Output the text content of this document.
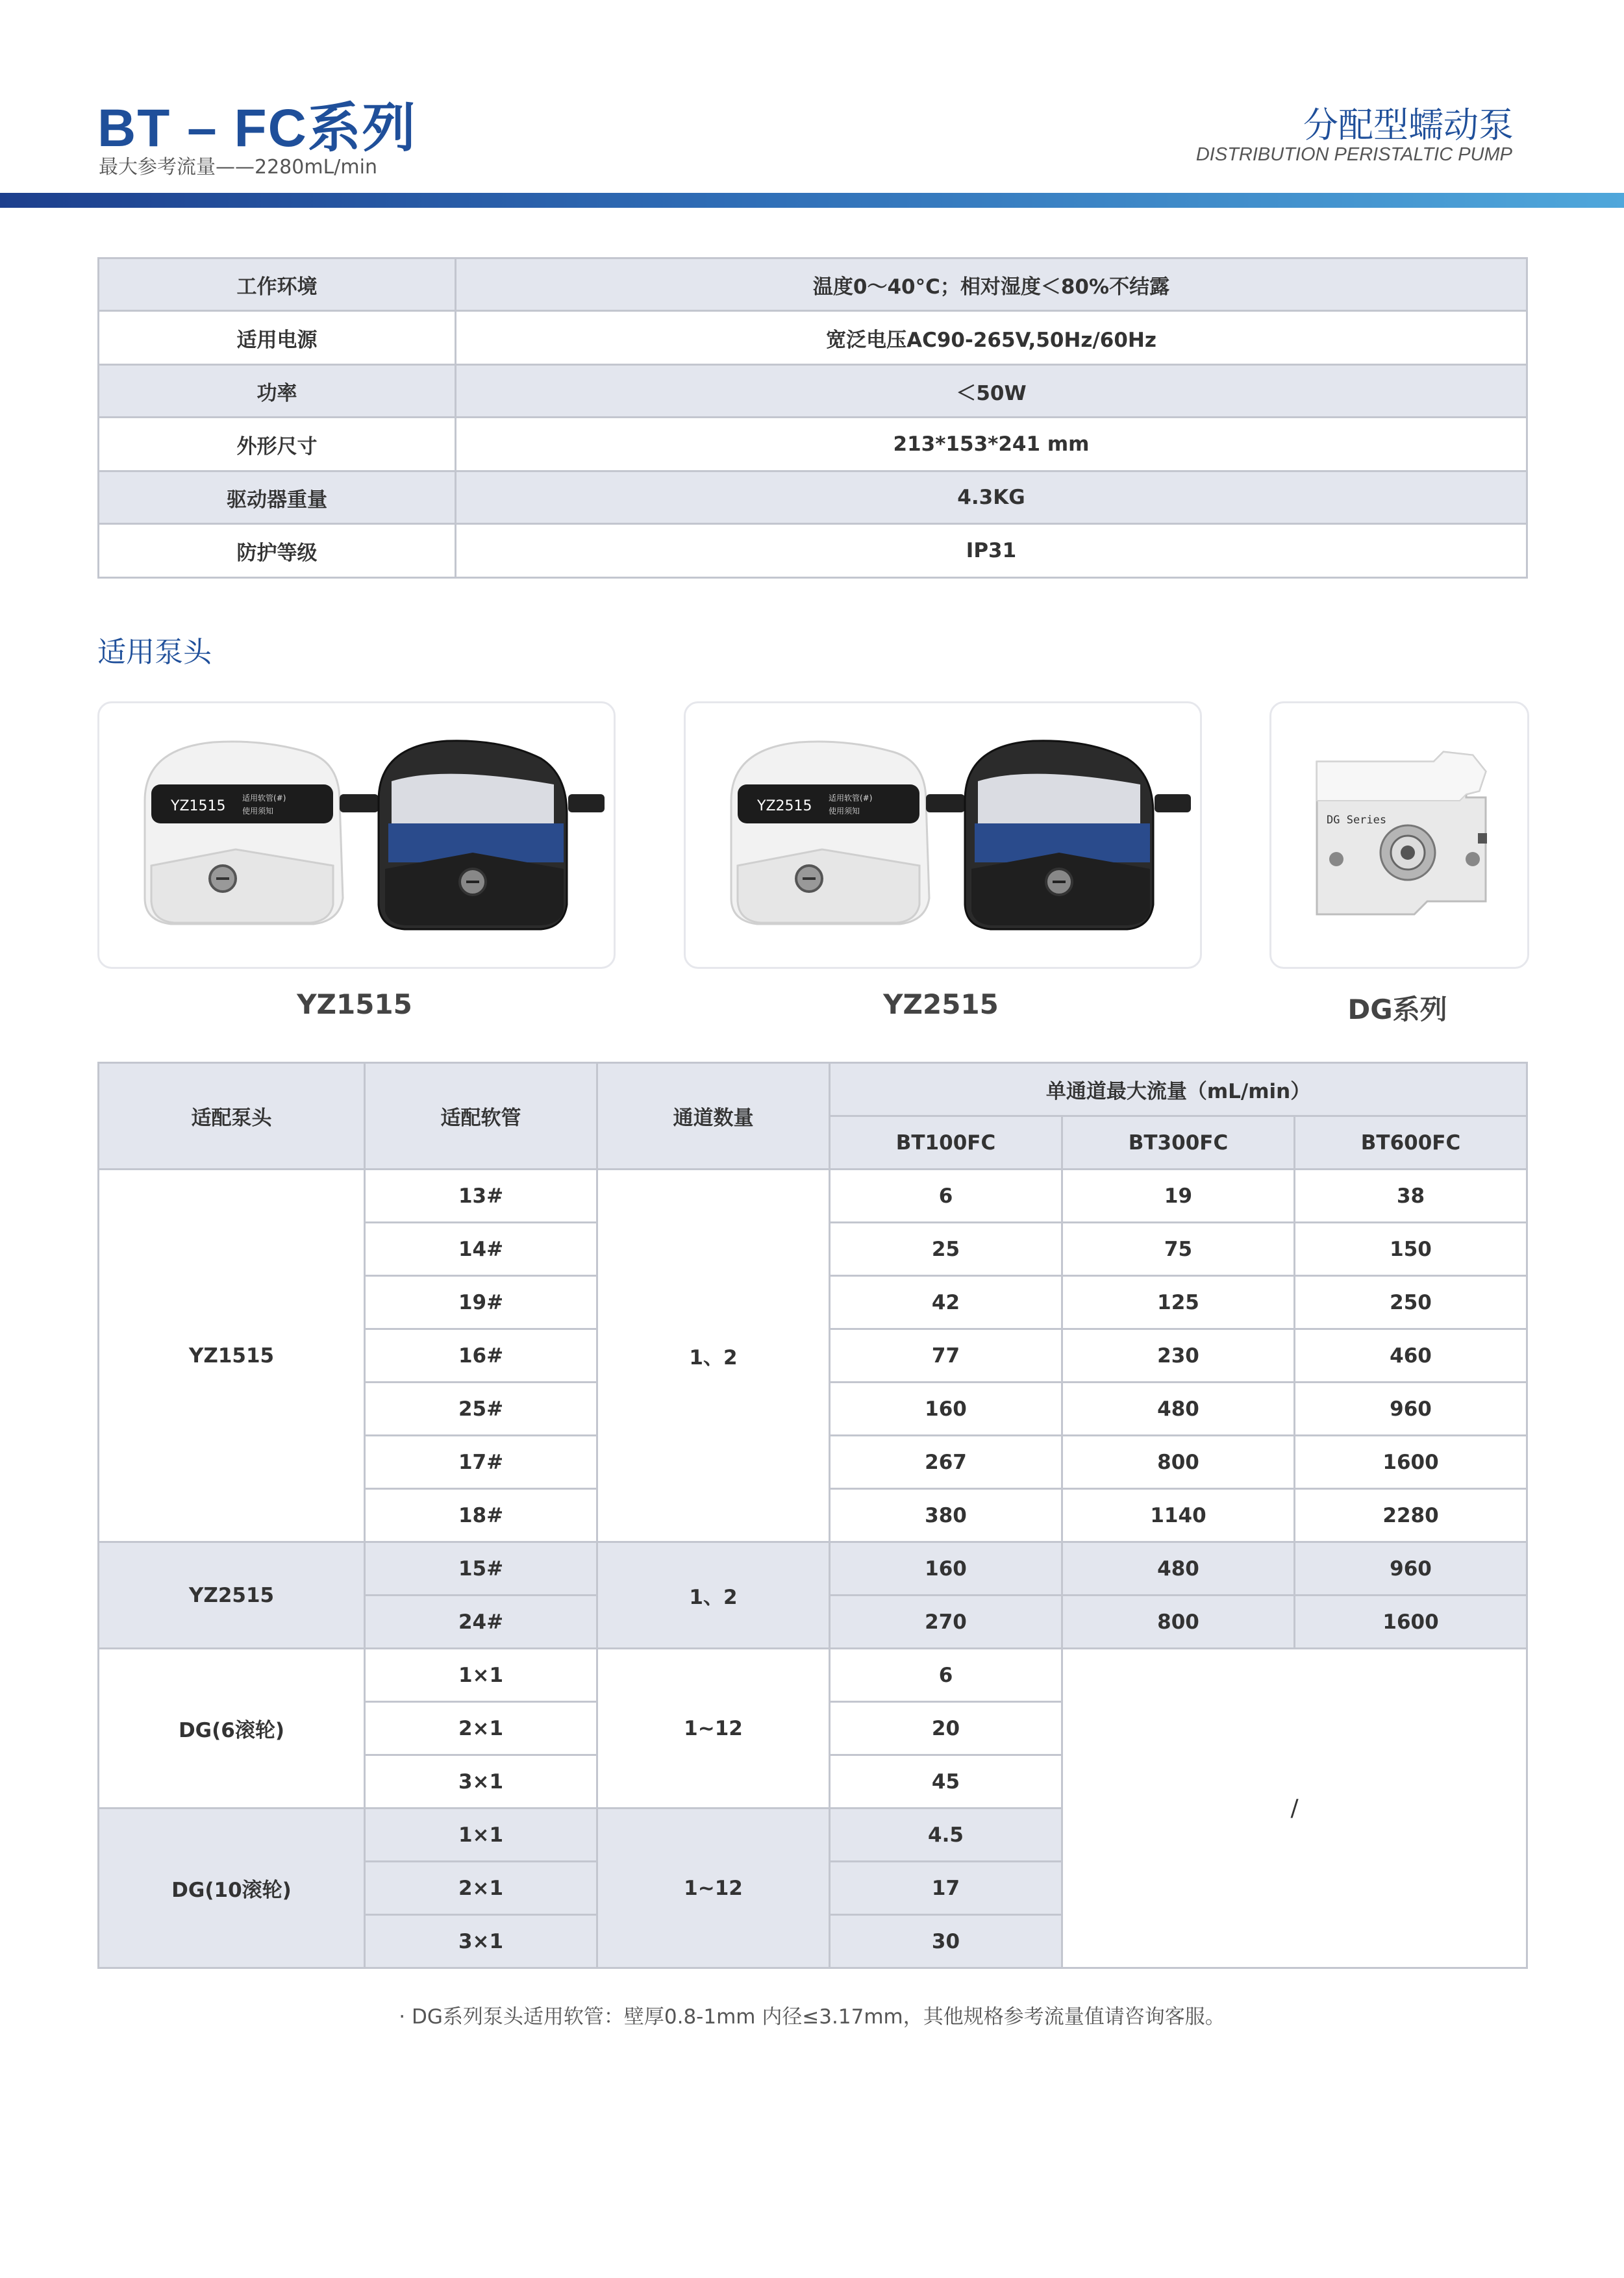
BT – FC系列
最大参考流量——2280mL/min
分配型蠕动泵
DISTRIBUTION PERISTALTIC PUMP
工作环境	温度0～40°C；相对湿度＜80%不结露
适用电源	宽泛电压AC90-265V,50Hz/60Hz
功率	＜50W
外形尺寸	213*153*241 mm
驱动器重量	4.3KG
防护等级	IP31
适用泵头
YZ1515 适用软管(#)
使用须知
YZ1515
YZ2515 适用软管(#)
使用须知
YZ2515
DG Series
DG系列
适配泵头	适配软管	通道数量	单通道最大流量（mL/min）		
			BT100FC	BT300FC	BT600FC
YZ1515	13#	1、2	6	19	38
	14#		25	75	150
	19#		42	125	250
	16#		77	230	460
	25#		160	480	960
	17#		267	800	1600
	18#		380	1140	2280
YZ2515	15#	1、2	160	480	960
	24#		270	800	1600
DG(6滚轮)	1×1	1~12	6	/	
	2×1		20		
	3×1		45		
DG(10滚轮)	1×1	1~12	4.5		
	2×1		17		
	3×1		30		
· DG系列泵头适用软管：壁厚0.8-1mm 内径≤3.17mm，其他规格参考流量值请咨询客服。
